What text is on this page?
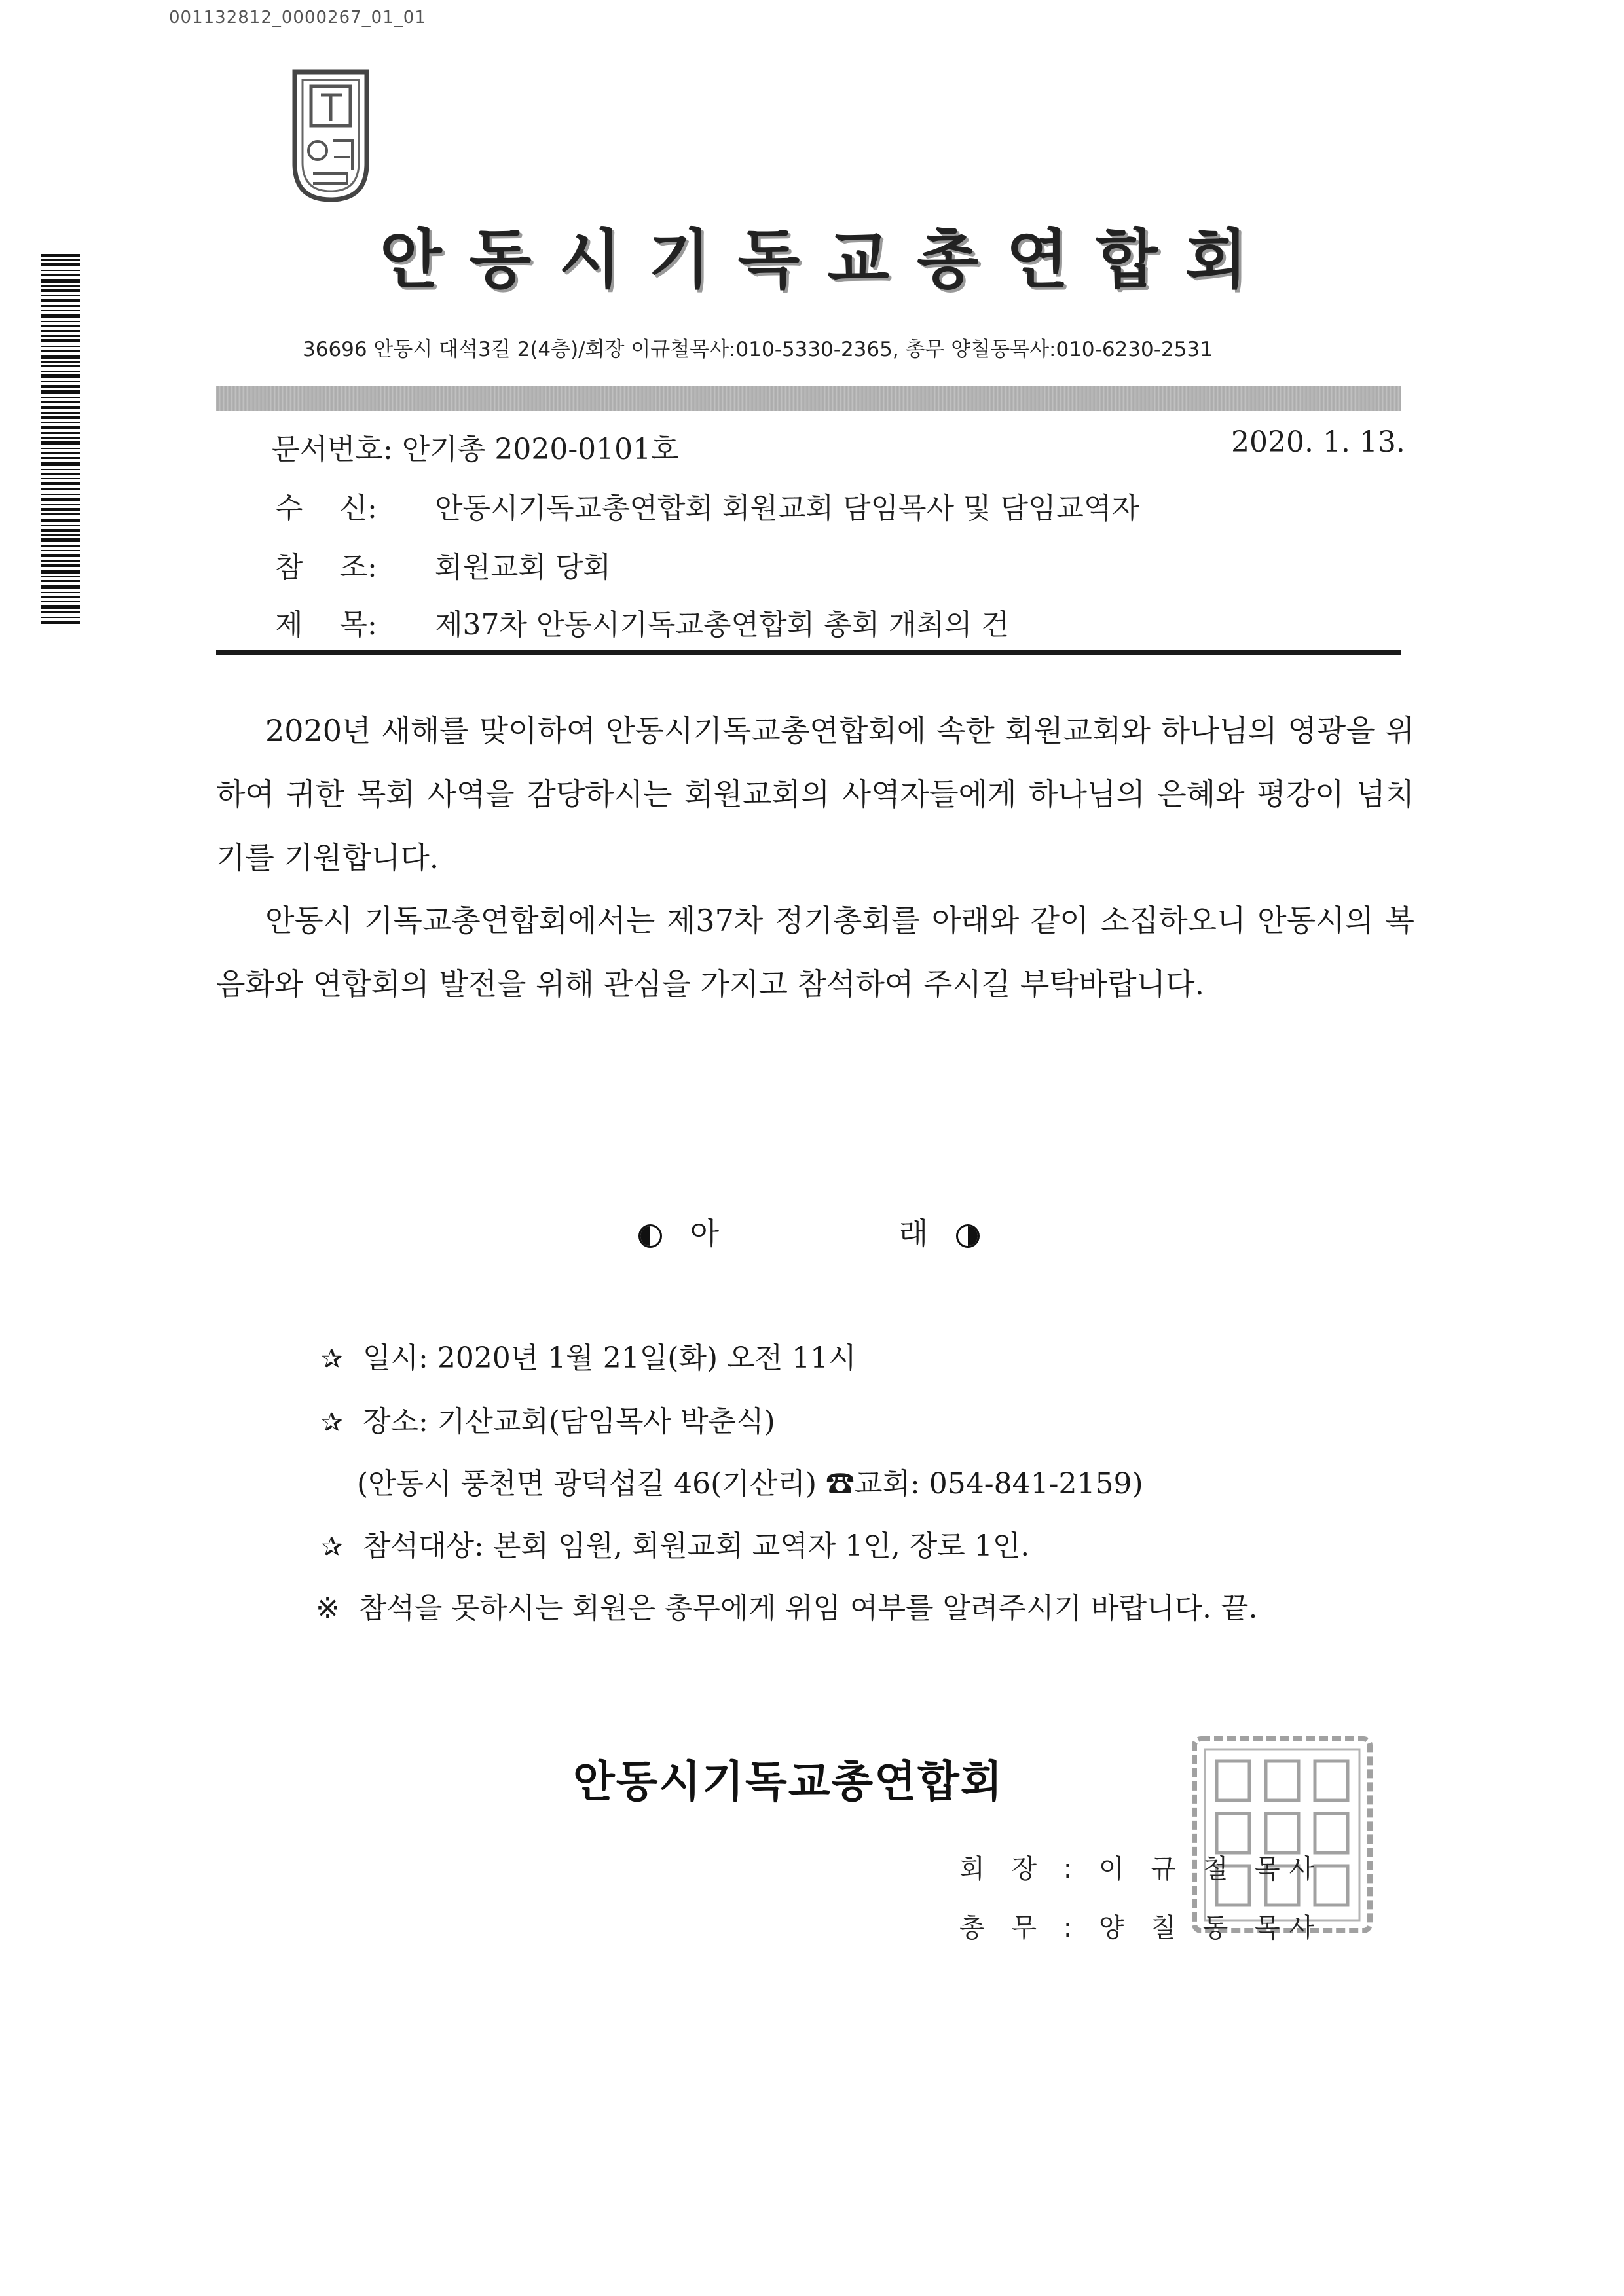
001132812_0000267_01_01
안동시기독교총연합회
36696 안동시 대석3길 2(4층)/회장 이규철목사:010-5330-2365, 총무 양칠동목사:010-6230-2531
문서번호: 안기총 2020-0101호	2020. 1. 13.
수    신: 안동시기독교총연합회 회원교회 담임목사 및 담임교역자
참    조: 회원교회 당회
제    목: 제37차 안동시기독교총연합회 총회 개최의 건
2020년 새해를 맞이하여 안동시기독교총연합회에 속한 회원교회와 하나님의 영광을 위하여 귀한 목회 사역을 감당하시는 회원교회의 사역자들에게 하나님의 은혜와 평강이 넘치기를 기원합니다.
안동시 기독교총연합회에서는 제37차 정기총회를 아래와 같이 소집하오니 안동시의 복음화와 연합회의 발전을 위해 관심을 가지고 참석하여 주시길 부탁바랍니다.
아	래
✰ 일시: 2020년 1월 21일(화) 오전 11시
✰ 장소: 기산교회(담임목사 박춘식)
(안동시 풍천면 광덕섭길 46(기산리) ☎교회: 054-841-2159)
✰ 참석대상: 본회 임원, 회원교회 교역자 1인, 장로 1인.
※ 참석을 못하시는 회원은 총무에게 위임 여부를 알려주시기 바랍니다. 끝.
안동시기독교총연합회
회 장 : 이 규 철 목사
총 무 : 양 칠 동 목사
